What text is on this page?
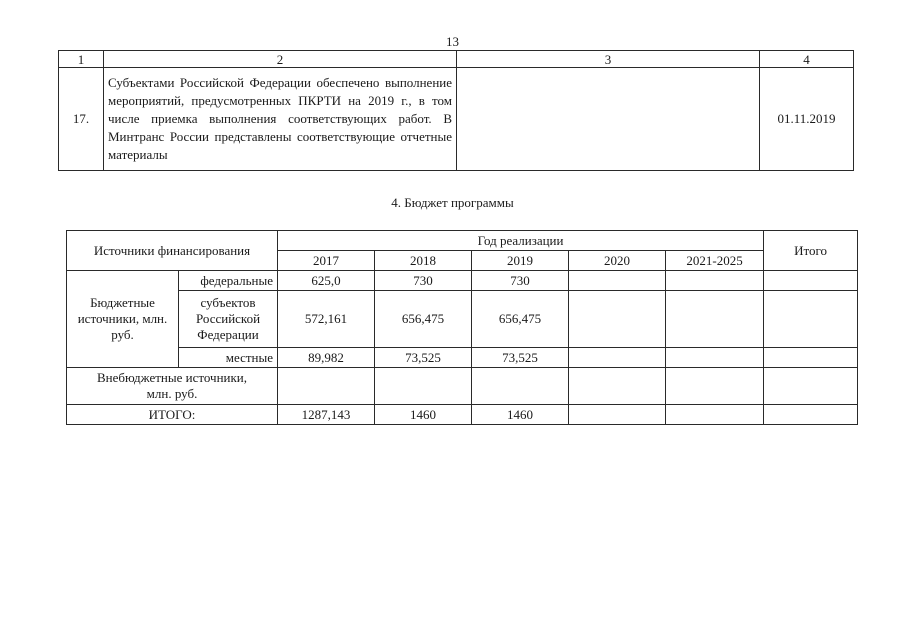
13
1	2	3	4
17.	Субъектами Российской Федерации обеспечено выполнение мероприятий, предусмотренных ПКРТИ на 2019 г., в том числе приемка выполнения соответствующих работ. В Минтранс России представлены соответствующие отчетные материалы		01.11.2019
4. Бюджет программы
Источники финансирования		Год реализации					Итого
		2017	2018	2019	2020	2021-2025	
Бюджетные источники, млн. руб.	федеральные	625,0	730	730			
	субъектов Российской Федерации	572,161	656,475	656,475			
	местные	89,982	73,525	73,525			
Внебюджетные источники, млн. руб.							
ИТОГО:		1287,143	1460	1460			
